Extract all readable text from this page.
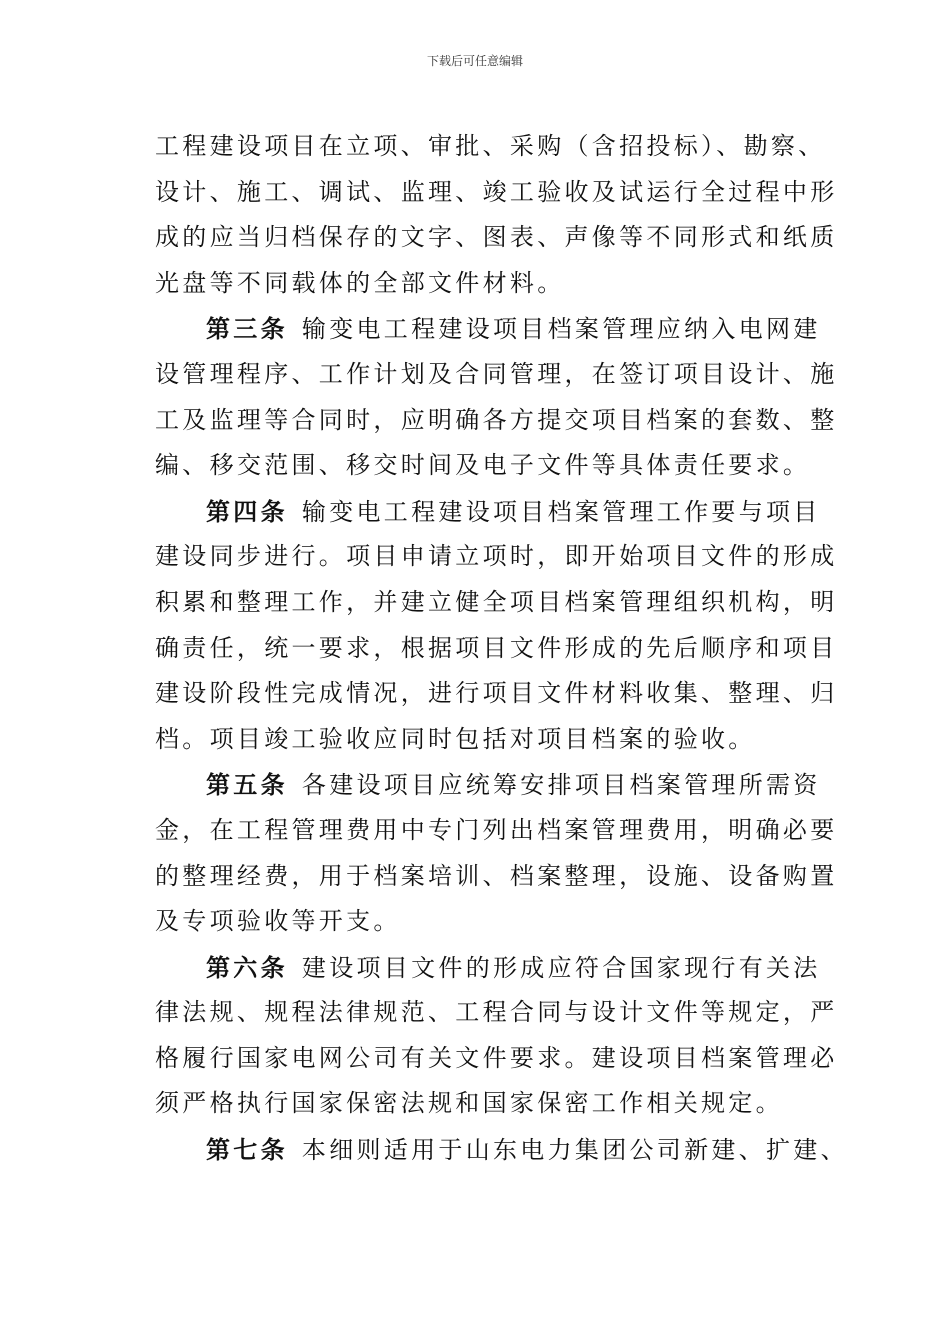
下载后可任意编辑

工程建设项目在立项、审批、采购（含招投标）、勘察、
设计、施工、调试、监理、竣工验收及试运行全过程中形
成的应当归档保存的文字、图表、声像等不同形式和纸质
光盘等不同载体的全部文件材料。

第三条 输变电工程建设项目档案管理应纳入电网建
设管理程序、工作计划及合同管理，在签订项目设计、施
工及监理等合同时，应明确各方提交项目档案的套数、整
编、移交范围、移交时间及电子文件等具体责任要求。

第四条 输变电工程建设项目档案管理工作要与项目
建设同步进行。项目申请立项时，即开始项目文件的形成
积累和整理工作，并建立健全项目档案管理组织机构，明
确责任，统一要求，根据项目文件形成的先后顺序和项目
建设阶段性完成情况，进行项目文件材料收集、整理、归
档。项目竣工验收应同时包括对项目档案的验收。

第五条 各建设项目应统筹安排项目档案管理所需资
金，在工程管理费用中专门列出档案管理费用，明确必要
的整理经费，用于档案培训、档案整理，设施、设备购置
及专项验收等开支。

第六条 建设项目文件的形成应符合国家现行有关法
律法规、规程法律规范、工程合同与设计文件等规定，严
格履行国家电网公司有关文件要求。建设项目档案管理必
须严格执行国家保密法规和国家保密工作相关规定。

第七条 本细则适用于山东电力集团公司新建、扩建、
